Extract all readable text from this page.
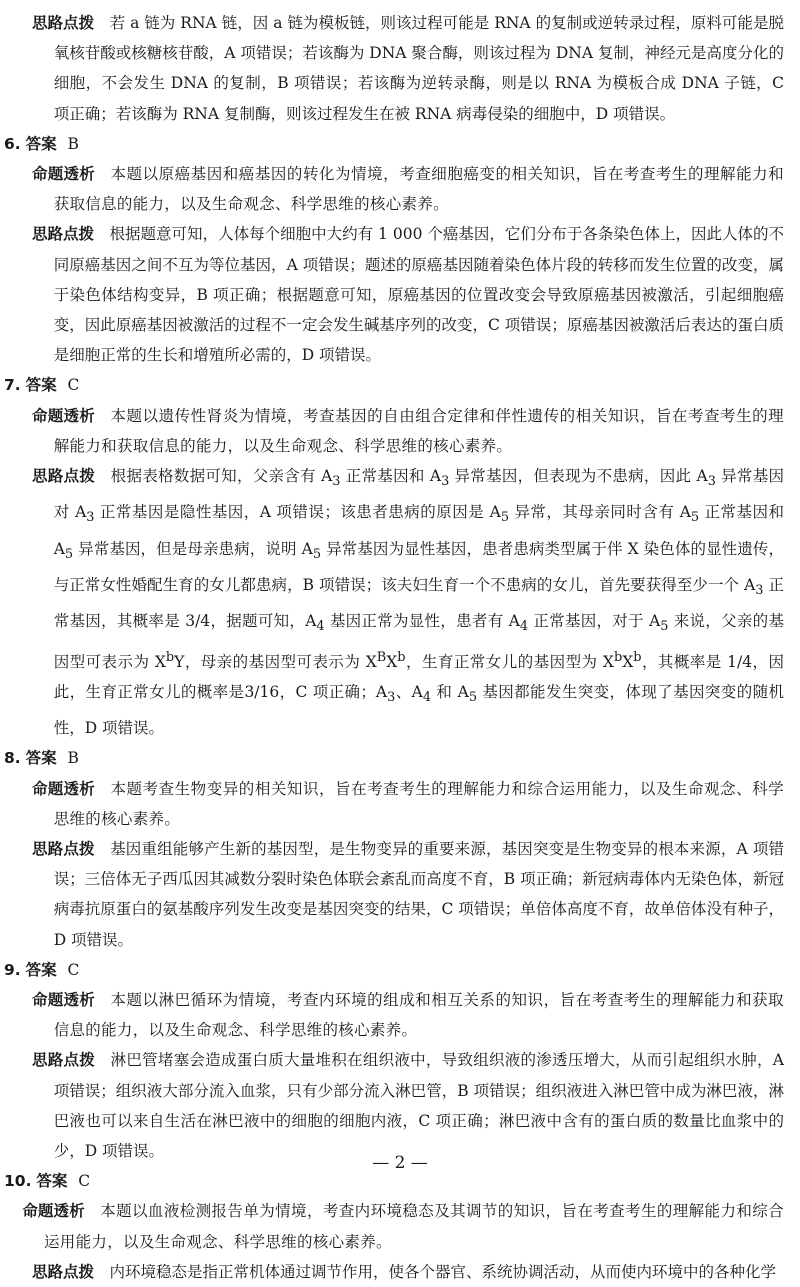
思路点拨 若 a 链为 RNA 链，因 a 链为模板链，则该过程可能是 RNA 的复制或逆转录过程，原料可能是脱氧核苷酸或核糖核苷酸，A 项错误；若该酶为 DNA 聚合酶，则该过程为 DNA 复制，神经元是高度分化的细胞，不会发生 DNA 的复制，B 项错误；若该酶为逆转录酶，则是以 RNA 为模板合成 DNA 子链，C 项正确；若该酶为 RNA 复制酶，则该过程发生在被 RNA 病毒侵染的细胞中，D 项错误。

6. 答案 B

命题透析 本题以原癌基因和癌基因的转化为情境，考查细胞癌变的相关知识，旨在考查考生的理解能力和获取信息的能力，以及生命观念、科学思维的核心素养。

思路点拨 根据题意可知，人体每个细胞中大约有 1 000 个癌基因，它们分布于各条染色体上，因此人体的不同原癌基因之间不互为等位基因，A 项错误；题述的原癌基因随着染色体片段的转移而发生位置的改变，属于染色体结构变异，B 项正确；根据题意可知，原癌基因的位置改变会导致原癌基因被激活，引起细胞癌变，因此原癌基因被激活的过程不一定会发生碱基序列的改变，C 项错误；原癌基因被激活后表达的蛋白质是细胞正常的生长和增殖所必需的，D 项错误。

7. 答案 C

命题透析 本题以遗传性肾炎为情境，考查基因的自由组合定律和伴性遗传的相关知识，旨在考查考生的理解能力和获取信息的能力，以及生命观念、科学思维的核心素养。

思路点拨 根据表格数据可知，父亲含有 $A_3$ 正常基因和 $A_3$ 异常基因，但表现为不患病，因此 $A_3$ 异常基因对 $A_3$ 正常基因是隐性基因，A 项错误；该患者患病的原因是 $A_5$ 异常，其母亲同时含有 $A_5$ 正常基因和 $A_5$ 异常基因，但是母亲患病，说明 $A_5$ 异常基因为显性基因，患者患病类型属于伴 X 染色体的显性遗传，与正常女性婚配生育的女儿都患病，B 项错误；该夫妇生育一个不患病的女儿，首先要获得至少一个 $A_3$ 正常基因，其概率是 3/4，据题可知，$A_4$ 基因正常为显性，患者有 $A_4$ 正常基因，对于 $A_5$ 来说，父亲的基因型可表示为 $X^bY$，母亲的基因型可表示为 $X^BX^b$，生育正常女儿的基因型为 $X^bX^b$，其概率是 1/4，因此，生育正常女儿的概率是3/16，C 项正确；$A_3$、$A_4$ 和 $A_5$ 基因都能发生突变，体现了基因突变的随机性，D 项错误。

8. 答案 B

命题透析 本题考查生物变异的相关知识，旨在考查考生的理解能力和综合运用能力，以及生命观念、科学思维的核心素养。

思路点拨 基因重组能够产生新的基因型，是生物变异的重要来源，基因突变是生物变异的根本来源，A 项错误；三倍体无子西瓜因其减数分裂时染色体联会紊乱而高度不育，B 项正确；新冠病毒体内无染色体，新冠病毒抗原蛋白的氨基酸序列发生改变是基因突变的结果，C 项错误；单倍体高度不育，故单倍体没有种子，D 项错误。

9. 答案 C

命题透析 本题以淋巴循环为情境，考查内环境的组成和相互关系的知识，旨在考查考生的理解能力和获取信息的能力，以及生命观念、科学思维的核心素养。

思路点拨 淋巴管堵塞会造成蛋白质大量堆积在组织液中，导致组织液的渗透压增大，从而引起组织水肿，A 项错误；组织液大部分流入血浆，只有少部分流入淋巴管，B 项错误；组织液进入淋巴管中成为淋巴液，淋巴液也可以来自生活在淋巴液中的细胞的细胞内液，C 项正确；淋巴液中含有的蛋白质的数量比血浆中的少，D 项错误。

10. 答案 C

命题透析 本题以血液检测报告单为情境，考查内环境稳态及其调节的知识，旨在考查考生的理解能力和综合运用能力，以及生命观念、科学思维的核心素养。

思路点拨 内环境稳态是指正常机体通过调节作用，使各个器官、系统协调活动，从而使内环境中的各种化学

— 2 —
